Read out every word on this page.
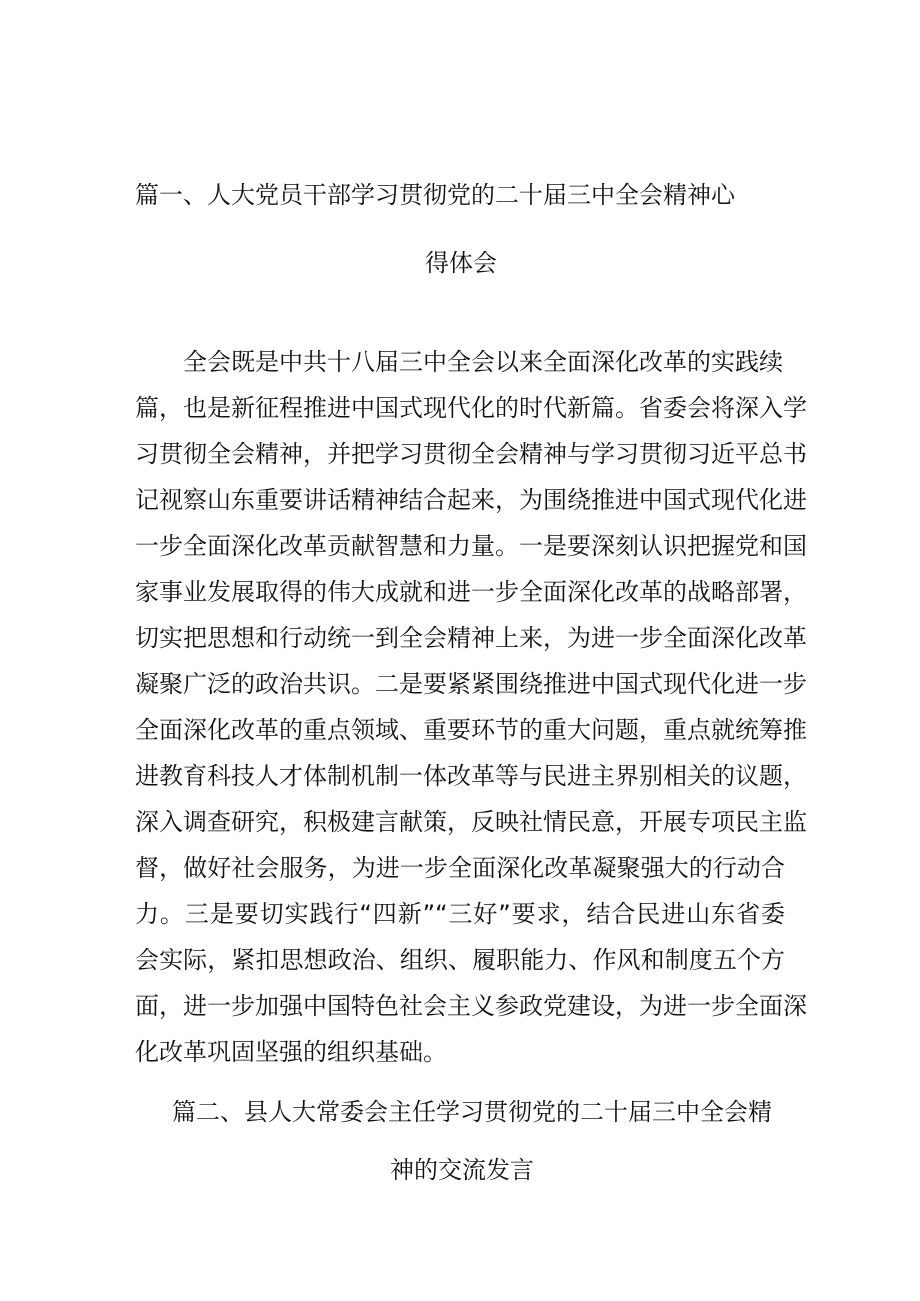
篇一、人大党员干部学习贯彻党的二十届三中全会精神心
得体会
全会既是中共十八届三中全会以来全面深化改革的实践续
篇，也是新征程推进中国式现代化的时代新篇。省委会将深入学
习贯彻全会精神，并把学习贯彻全会精神与学习贯彻习近平总书
记视察山东重要讲话精神结合起来，为围绕推进中国式现代化进
一步全面深化改革贡献智慧和力量。一是要深刻认识把握党和国
家事业发展取得的伟大成就和进一步全面深化改革的战略部署，
切实把思想和行动统一到全会精神上来，为进一步全面深化改革
凝聚广泛的政治共识。二是要紧紧围绕推进中国式现代化进一步
全面深化改革的重点领域、重要环节的重大问题，重点就统筹推
进教育科技人才体制机制一体改革等与民进主界别相关的议题，
深入调查研究，积极建言献策，反映社情民意，开展专项民主监
督，做好社会服务，为进一步全面深化改革凝聚强大的行动合
力。三是要切实践行“四新”“三好”要求，结合民进山东省委
会实际，紧扣思想政治、组织、履职能力、作风和制度五个方
面，进一步加强中国特色社会主义参政党建设，为进一步全面深
化改革巩固坚强的组织基础。
篇二、县人大常委会主任学习贯彻党的二十届三中全会精
神的交流发言
